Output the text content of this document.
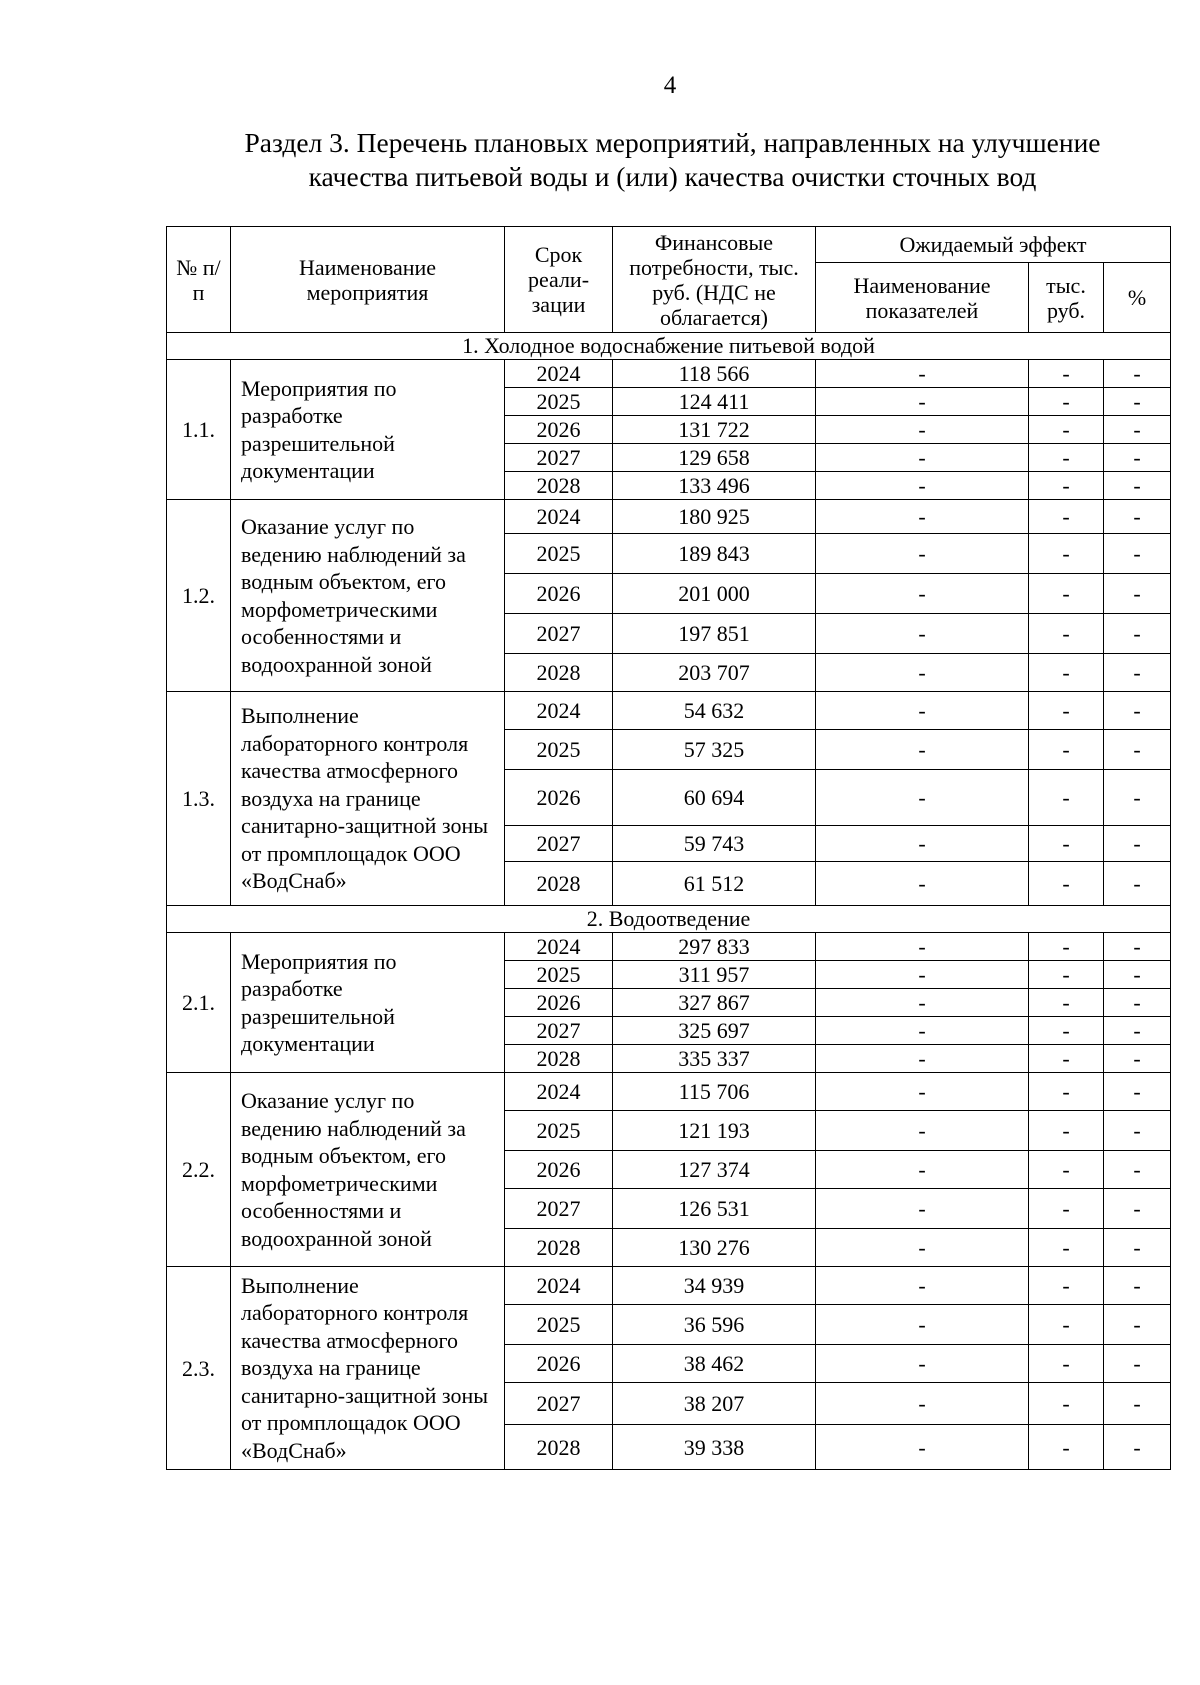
4
Раздел 3. Перечень плановых мероприятий, направленных на улучшение
качества питьевой воды и (или) качества очистки сточных вод
№ п/п	Наименование мероприятия	Срок реали-зации	Финансовые потребности, тыс. руб. (НДС не облагается)	Ожидаемый эффект		
				Наименование показателей	тыс. руб.	%
1. Холодное водоснабжение питьевой водой						
1.1.	Мероприятия по разработке разрешительной документации	2024	118 566	-	-	-
		2025	124 411	-	-	-
		2026	131 722	-	-	-
		2027	129 658	-	-	-
		2028	133 496	-	-	-
1.2.	Оказание услуг по ведению наблюдений за водным объектом, его морфометрическими особенностями и водоохранной зоной	2024	180 925	-	-	-
		2025	189 843	-	-	-
		2026	201 000	-	-	-
		2027	197 851	-	-	-
		2028	203 707	-	-	-
1.3.	Выполнение лабораторного контроля качества атмосферного воздуха на границе санитарно-защитной зоны от промплощадок ООО «ВодСнаб»	2024	54 632	-	-	-
		2025	57 325	-	-	-
		2026	60 694	-	-	-
		2027	59 743	-	-	-
		2028	61 512	-	-	-
2. Водоотведение						
2.1.	Мероприятия по разработке разрешительной документации	2024	297 833	-	-	-
		2025	311 957	-	-	-
		2026	327 867	-	-	-
		2027	325 697	-	-	-
		2028	335 337	-	-	-
2.2.	Оказание услуг по ведению наблюдений за водным объектом, его морфометрическими особенностями и водоохранной зоной	2024	115 706	-	-	-
		2025	121 193	-	-	-
		2026	127 374	-	-	-
		2027	126 531	-	-	-
		2028	130 276	-	-	-
2.3.	Выполнение лабораторного контроля качества атмосферного воздуха на границе санитарно-защитной зоны от промплощадок ООО «ВодСнаб»	2024	34 939	-	-	-
		2025	36 596	-	-	-
		2026	38 462	-	-	-
		2027	38 207	-	-	-
		2028	39 338	-	-	-
